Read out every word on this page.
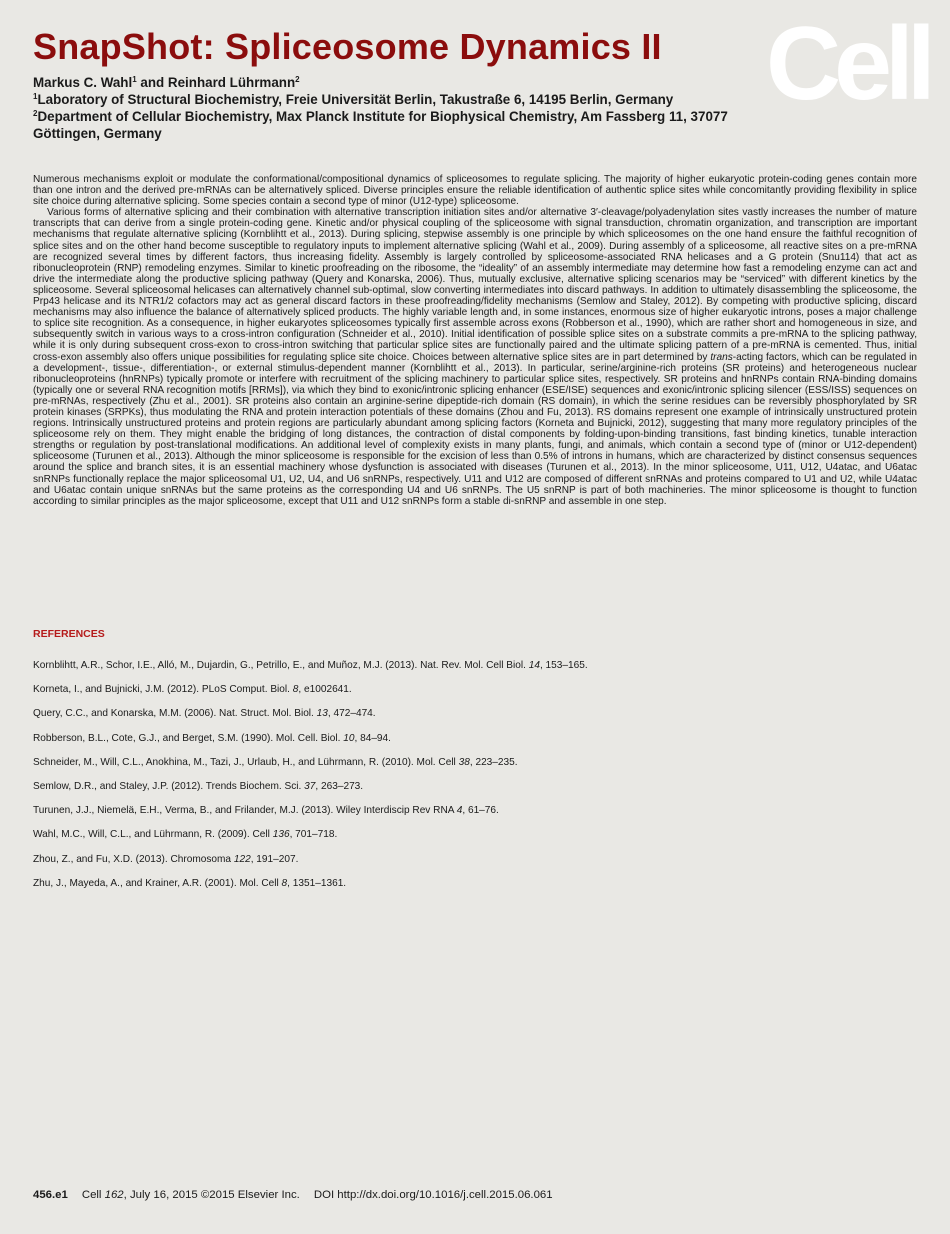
SnapShot: Spliceosome Dynamics II Cell

Markus C. Wahl$^1$ and Reinhard Lührmann$^2$

$^1$Laboratory of Structural Biochemistry, Freie Universität Berlin, Takustraße 6, 14195 Berlin, Germany

$^2$Department of Cellular Biochemistry, Max Planck Institute for Biophysical Chemistry, Am Fassberg 11, 37077 Göttingen, Germany

Numerous mechanisms exploit or modulate the conformational/compositional dynamics of spliceosomes to regulate splicing. The majority of higher eukaryotic protein-coding genes contain more than one intron and the derived pre-mRNAs can be alternatively spliced. Diverse principles ensure the reliable identification of authentic splice sites while concomitantly providing flexibility in splice site choice during alternative splicing. Some species contain a second type of minor (U12-type) spliceosome.

Various forms of alternative splicing and their combination with alternative transcription initiation sites and/or alternative 3′-cleavage/polyadenylation sites vastly increases the number of mature transcripts that can derive from a single protein-coding gene. Kinetic and/or physical coupling of the spliceosome with signal transduction, chromatin organization, and transcription are important mechanisms that regulate alternative splicing (Kornblihtt et al., 2013). During splicing, stepwise assembly is one principle by which spliceosomes on the one hand ensure the faithful recognition of splice sites and on the other hand become susceptible to regulatory inputs to implement alternative splicing (Wahl et al., 2009). During assembly of a spliceosome, all reactive sites on a pre-mRNA are recognized several times by different factors, thus increasing fidelity. Assembly is largely controlled by spliceosome-associated RNA helicases and a G protein (Snu114) that act as ribonucleoprotein (RNP) remodeling enzymes. Similar to kinetic proofreading on the ribosome, the “ideality” of an assembly intermediate may determine how fast a remodeling enzyme can act and drive the intermediate along the productive splicing pathway (Query and Konarska, 2006). Thus, mutually exclusive, alternative splicing scenarios may be “serviced” with different kinetics by the spliceosome. Several spliceosomal helicases can alternatively channel sub-optimal, slow converting intermediates into discard pathways. In addition to ultimately disassembling the spliceosome, the Prp43 helicase and its NTR1/2 cofactors may act as general discard factors in these proofreading/fidelity mechanisms (Semlow and Staley, 2012). By competing with productive splicing, discard mechanisms may also influence the balance of alternatively spliced products. The highly variable length and, in some instances, enormous size of higher eukaryotic introns, poses a major challenge to splice site recognition. As a consequence, in higher eukaryotes spliceosomes typically first assemble across exons (Robberson et al., 1990), which are rather short and homogeneous in size, and subsequently switch in various ways to a cross-intron configuration (Schneider et al., 2010). Initial identification of possible splice sites on a substrate commits a pre-mRNA to the splicing pathway, while it is only during subsequent cross-exon to cross-intron switching that particular splice sites are functionally paired and the ultimate splicing pattern of a pre-mRNA is cemented. Thus, initial cross-exon assembly also offers unique possibilities for regulating splice site choice. Choices between alternative splice sites are in part determined by trans-acting factors, which can be regulated in a development-, tissue-, differentiation-, or external stimulus-dependent manner (Kornblihtt et al., 2013). In particular, serine/arginine-rich proteins (SR proteins) and heterogeneous nuclear ribonucleoproteins (hnRNPs) typically promote or interfere with recruitment of the splicing machinery to particular splice sites, respectively. SR proteins and hnRNPs contain RNA-binding domains (typically one or several RNA recognition motifs [RRMs]), via which they bind to exonic/intronic splicing enhancer (ESE/ISE) sequences and exonic/intronic splicing silencer (ESS/ISS) sequences on pre-mRNAs, respectively (Zhu et al., 2001). SR proteins also contain an arginine-serine dipeptide-rich domain (RS domain), in which the serine residues can be reversibly phosphorylated by SR protein kinases (SRPKs), thus modulating the RNA and protein interaction potentials of these domains (Zhou and Fu, 2013). RS domains represent one example of intrinsically unstructured protein regions. Intrinsically unstructured proteins and protein regions are particularly abundant among splicing factors (Korneta and Bujnicki, 2012), suggesting that many more regulatory principles of the spliceosome rely on them. They might enable the bridging of long distances, the contraction of distal components by folding-upon-binding transitions, fast binding kinetics, tunable interaction strengths or regulation by post-translational modifications. An additional level of complexity exists in many plants, fungi, and animals, which contain a second type of (minor or U12-dependent) spliceosome (Turunen et al., 2013). Although the minor spliceosome is responsible for the excision of less than 0.5% of introns in humans, which are characterized by distinct consensus sequences around the splice and branch sites, it is an essential machinery whose dysfunction is associated with diseases (Turunen et al., 2013). In the minor spliceosome, U11, U12, U4atac, and U6atac snRNPs functionally replace the major spliceosomal U1, U2, U4, and U6 snRNPs, respectively. U11 and U12 are composed of different snRNAs and proteins compared to U1 and U2, while U4atac and U6atac contain unique snRNAs but the same proteins as the corresponding U4 and U6 snRNPs. The U5 snRNP is part of both machineries. The minor spliceosome is thought to function according to similar principles as the major spliceosome, except that U11 and U12 snRNPs form a stable di-snRNP and assemble in one step.

REFERENCES
Kornblihtt, A.R., Schor, I.E., Alló, M., Dujardin, G., Petrillo, E., and Muñoz, M.J. (2013). Nat. Rev. Mol. Cell Biol. 14, 153–165.
Korneta, I., and Bujnicki, J.M. (2012). PLoS Comput. Biol. 8, e1002641.
Query, C.C., and Konarska, M.M. (2006). Nat. Struct. Mol. Biol. 13, 472–474.
Robberson, B.L., Cote, G.J., and Berget, S.M. (1990). Mol. Cell. Biol. 10, 84–94.
Schneider, M., Will, C.L., Anokhina, M., Tazi, J., Urlaub, H., and Lührmann, R. (2010). Mol. Cell 38, 223–235.
Semlow, D.R., and Staley, J.P. (2012). Trends Biochem. Sci. 37, 263–273.
Turunen, J.J., Niemelä, E.H., Verma, B., and Frilander, M.J. (2013). Wiley Interdiscip Rev RNA 4, 61–76.
Wahl, M.C., Will, C.L., and Lührmann, R. (2009). Cell 136, 701–718.
Zhou, Z., and Fu, X.D. (2013). Chromosoma 122, 191–207.
Zhu, J., Mayeda, A., and Krainer, A.R. (2001). Mol. Cell 8, 1351–1361.
456.e1 Cell 162, July 16, 2015 ©2015 Elsevier Inc. DOI http://dx.doi.org/10.1016/j.cell.2015.06.061
